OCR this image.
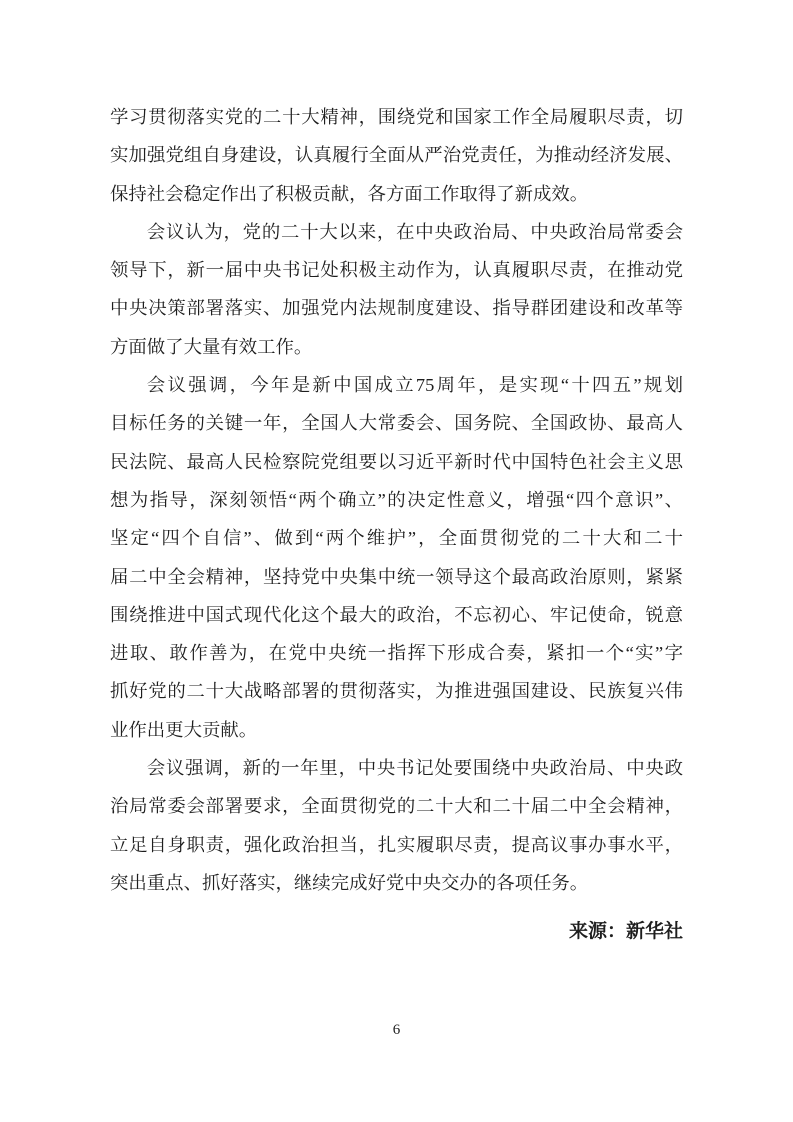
学习贯彻落实党的二十大精神，围绕党和国家工作全局履职尽责，切
实加强党组自身建设，认真履行全面从严治党责任，为推动经济发展、
保持社会稳定作出了积极贡献，各方面工作取得了新成效。
会议认为，党的二十大以来，在中央政治局、中央政治局常委会
领导下，新一届中央书记处积极主动作为，认真履职尽责，在推动党
中央决策部署落实、加强党内法规制度建设、指导群团建设和改革等
方面做了大量有效工作。
会议强调，今年是新中国成立75周年，是实现“十四五”规划
目标任务的关键一年，全国人大常委会、国务院、全国政协、最高人
民法院、最高人民检察院党组要以习近平新时代中国特色社会主义思
想为指导，深刻领悟“两个确立”的决定性意义，增强“四个意识”、
坚定“四个自信”、做到“两个维护”，全面贯彻党的二十大和二十
届二中全会精神，坚持党中央集中统一领导这个最高政治原则，紧紧
围绕推进中国式现代化这个最大的政治，不忘初心、牢记使命，锐意
进取、敢作善为，在党中央统一指挥下形成合奏，紧扣一个“实”字
抓好党的二十大战略部署的贯彻落实，为推进强国建设、民族复兴伟
业作出更大贡献。
会议强调，新的一年里，中央书记处要围绕中央政治局、中央政
治局常委会部署要求，全面贯彻党的二十大和二十届二中全会精神，
立足自身职责，强化政治担当，扎实履职尽责，提高议事办事水平，
突出重点、抓好落实，继续完成好党中央交办的各项任务。
来源：新华社
6
